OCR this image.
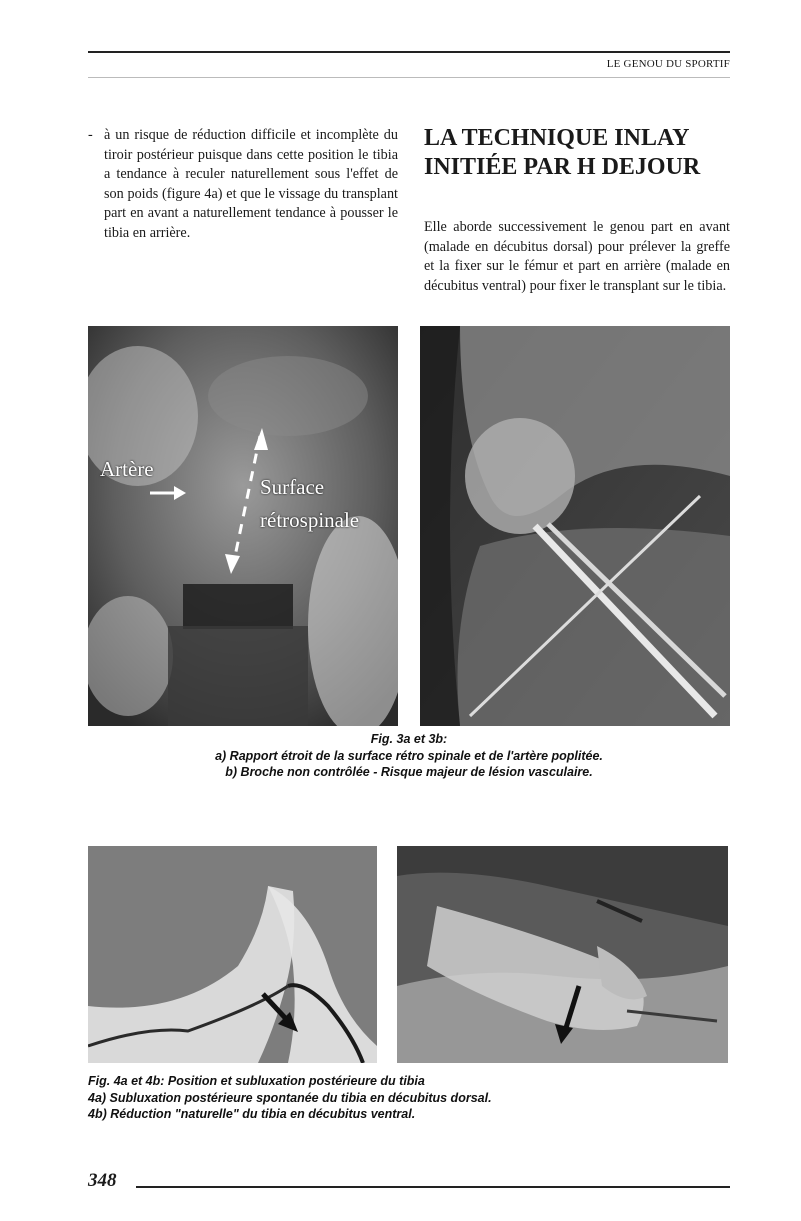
LE GENOU DU SPORTIF
- à un risque de réduction difficile et incomplète du tiroir postérieur puisque dans cette position le tibia a tendance à reculer naturellement sous l'effet de son poids (figure 4a) et que le vissage du transplant part en avant a naturellement tendance à pousser le tibia en arrière.
LA TECHNIQUE INLAY
INITIÉE PAR H DEJOUR
Elle aborde successivement le genou part en avant (malade en décubitus dorsal) pour prélever la greffe et la fixer sur le fémur et part en arrière (malade en décubitus ventral) pour fixer le transplant sur le tibia.
Artère
Surface
rétrospinale
Fig. 3a et 3b:
a) Rapport étroit de la surface rétro spinale et de l'artère poplitée.
b) Broche non contrôlée - Risque majeur de lésion vasculaire.
Fig. 4a et 4b: Position et subluxation postérieure du tibia
4a) Subluxation postérieure spontanée du tibia en décubitus dorsal.
4b) Réduction "naturelle" du tibia en décubitus ventral.
348
